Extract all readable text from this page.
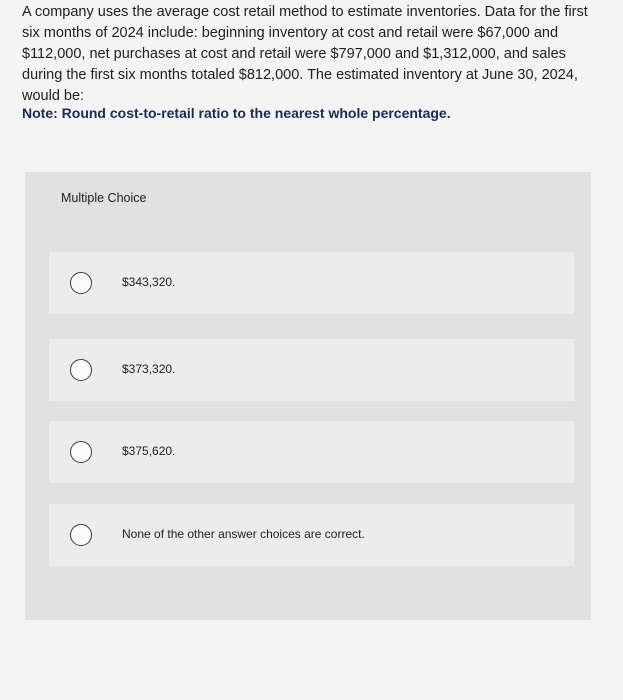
A company uses the average cost retail method to estimate inventories. Data for the first six months of 2024 include: beginning inventory at cost and retail were $67,000 and $112,000, net purchases at cost and retail were $797,000 and $1,312,000, and sales during the first six months totaled $812,000. The estimated inventory at June 30, 2024, would be:
Note: Round cost-to-retail ratio to the nearest whole percentage.
Multiple Choice
$343,320.
$373,320.
$375,620.
None of the other answer choices are correct.
